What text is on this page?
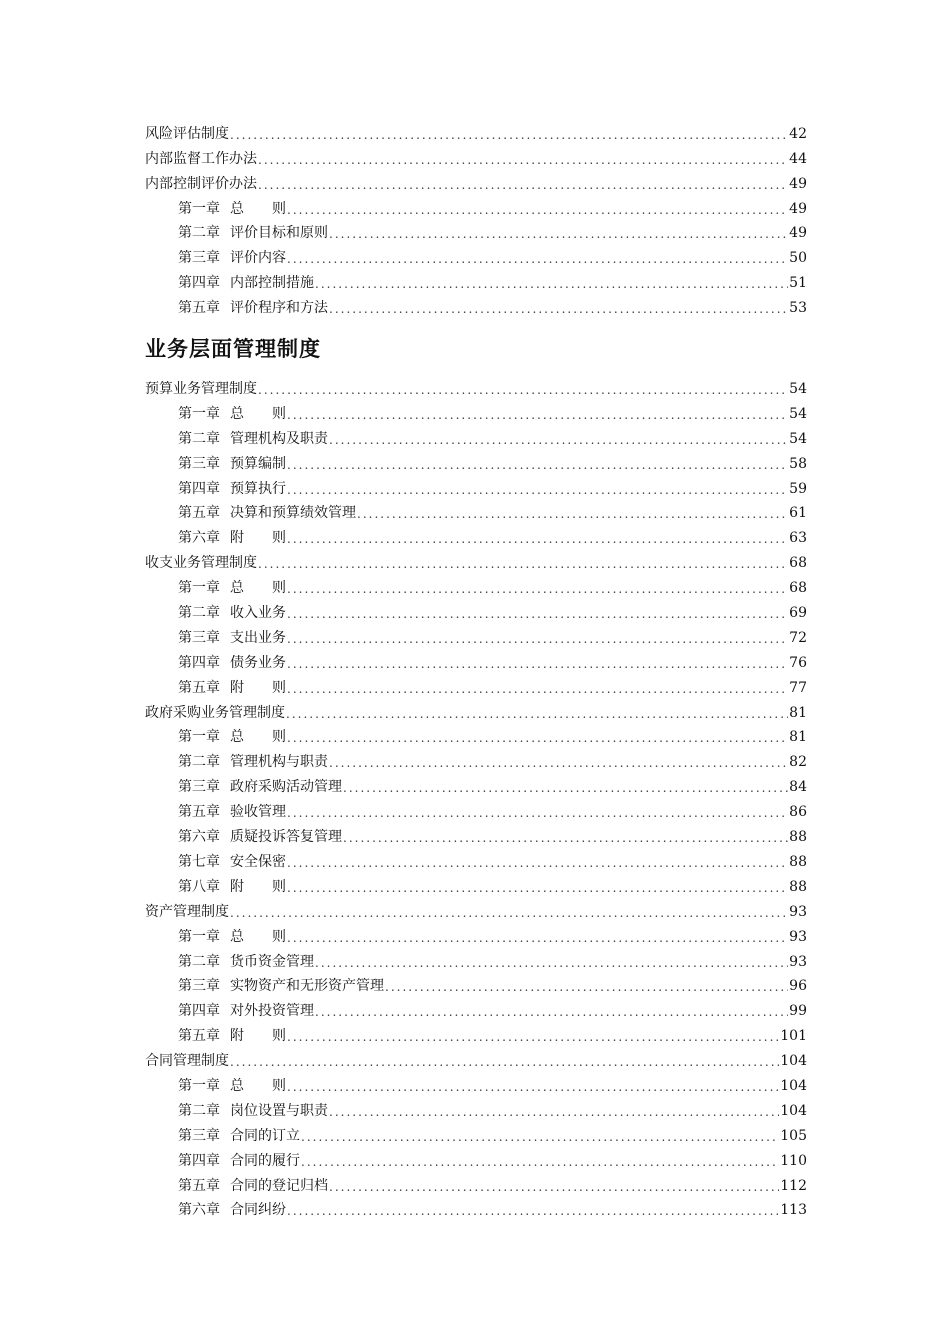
风险评估制度 .....	42
内部监督工作办法 .....	44
内部控制评价办法 .....	49
第一章 总　　则 .....	49
第二章 评价目标和原则 .....	49
第三章 评价内容 .....	50
第四章 内部控制措施 .....	51
第五章 评价程序和方法 .....	53
业务层面管理制度
预算业务管理制度 .....	54
第一章 总　　则 .....	54
第二章 管理机构及职责 .....	54
第三章 预算编制 .....	58
第四章 预算执行 .....	59
第五章 决算和预算绩效管理 .....	61
第六章 附　　则 .....	63
收支业务管理制度 .....	68
第一章 总　　则 .....	68
第二章 收入业务 .....	69
第三章 支出业务 .....	72
第四章 债务业务 .....	76
第五章 附　　则 .....	77
政府采购业务管理制度 .....	81
第一章 总　　则 .....	81
第二章 管理机构与职责 .....	82
第三章 政府采购活动管理 .....	84
第五章 验收管理 .....	86
第六章 质疑投诉答复管理 .....	88
第七章 安全保密 .....	88
第八章 附　　则 .....	88
资产管理制度 .....	93
第一章 总　　则 .....	93
第二章 货币资金管理 .....	93
第三章 实物资产和无形资产管理 .....	96
第四章 对外投资管理 .....	99
第五章 附　　则 .....	101
合同管理制度 .....	104
第一章 总　　则 .....	104
第二章 岗位设置与职责 .....	104
第三章 合同的订立 .....	105
第四章 合同的履行 .....	110
第五章 合同的登记归档 .....	112
第六章 合同纠纷 .....	113
